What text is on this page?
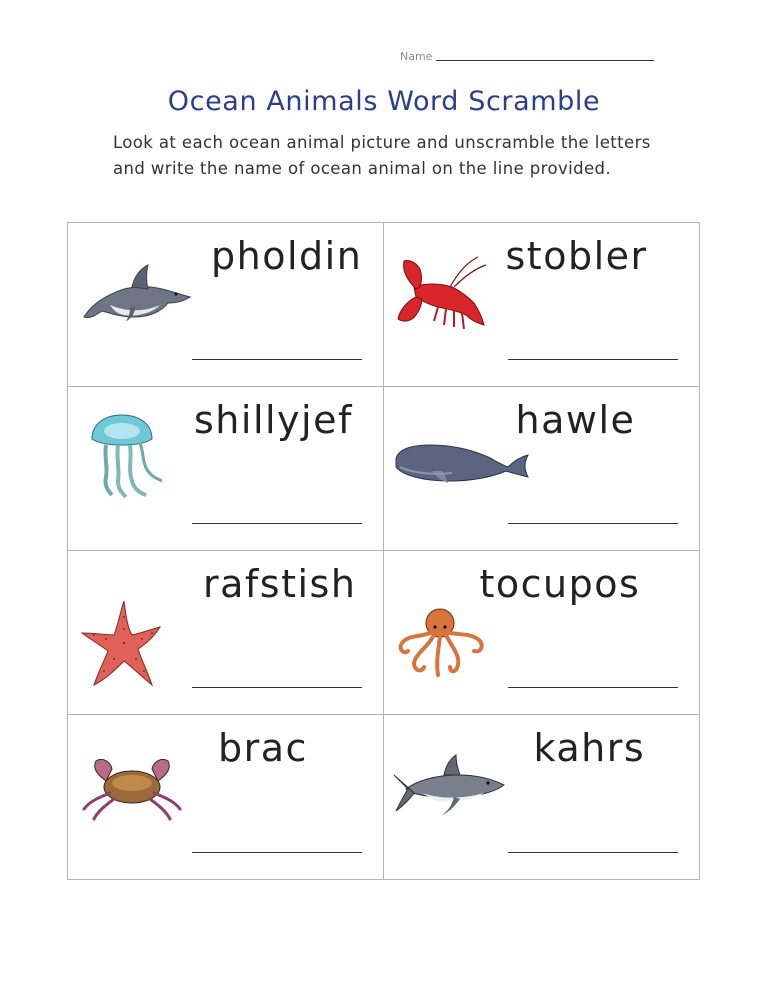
Name
Ocean Animals Word Scramble

Look at each ocean animal picture and unscramble the letters and write the name of ocean animal on the line provided.

pholdin	stobler
shillyjef	hawle
rafstish	tocupos
brac	kahrs
